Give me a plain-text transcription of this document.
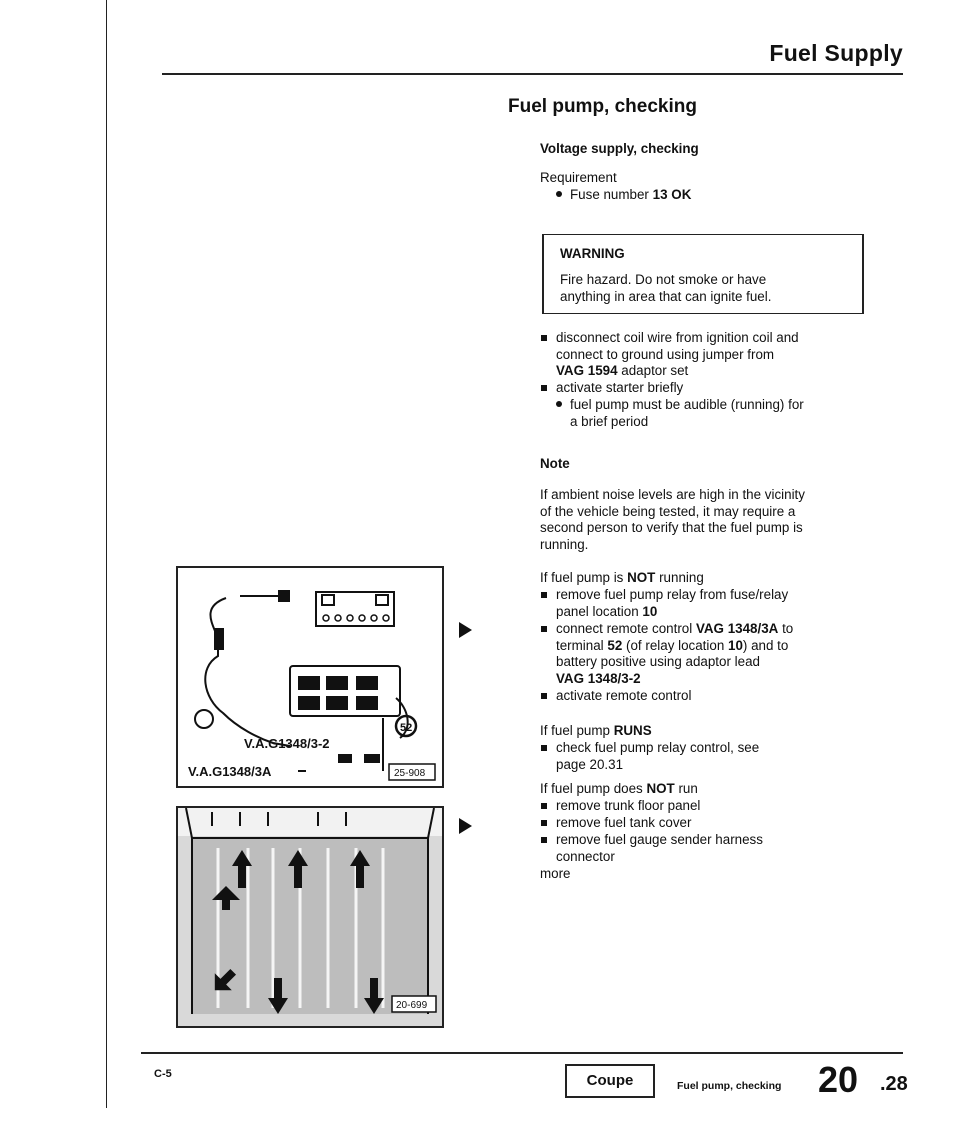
Fuel Supply
Fuel pump, checking
Voltage supply, checking
Requirement
Fuse number 13 OK
WARNING
Fire hazard. Do not smoke or have
anything in area that can ignite fuel.
disconnect coil wire from ignition coil and
connect to ground using jumper from
VAG 1594 adaptor set
activate starter briefly
fuel pump must be audible (running) for
a brief period
Note
If ambient noise levels are high in the vicinity
of the vehicle being tested, it may require a
second person to verify that the fuel pump is
running.
If fuel pump is NOT running
remove fuel pump relay from fuse/relay
panel location 10
connect remote control VAG 1348/3A to
terminal 52 (of relay location 10) and to
battery positive using adaptor lead
VAG 1348/3-2
activate remote control
If fuel pump RUNS
check fuel pump relay control, see
page 20.31
If fuel pump does NOT run
remove trunk floor panel
remove fuel tank cover
remove fuel gauge sender harness
connector
more
V.A.G1348/3-2
V.A.G1348/3A
52
25-908
20-699
C-5	Coupe	Fuel pump, checking 20 .28
